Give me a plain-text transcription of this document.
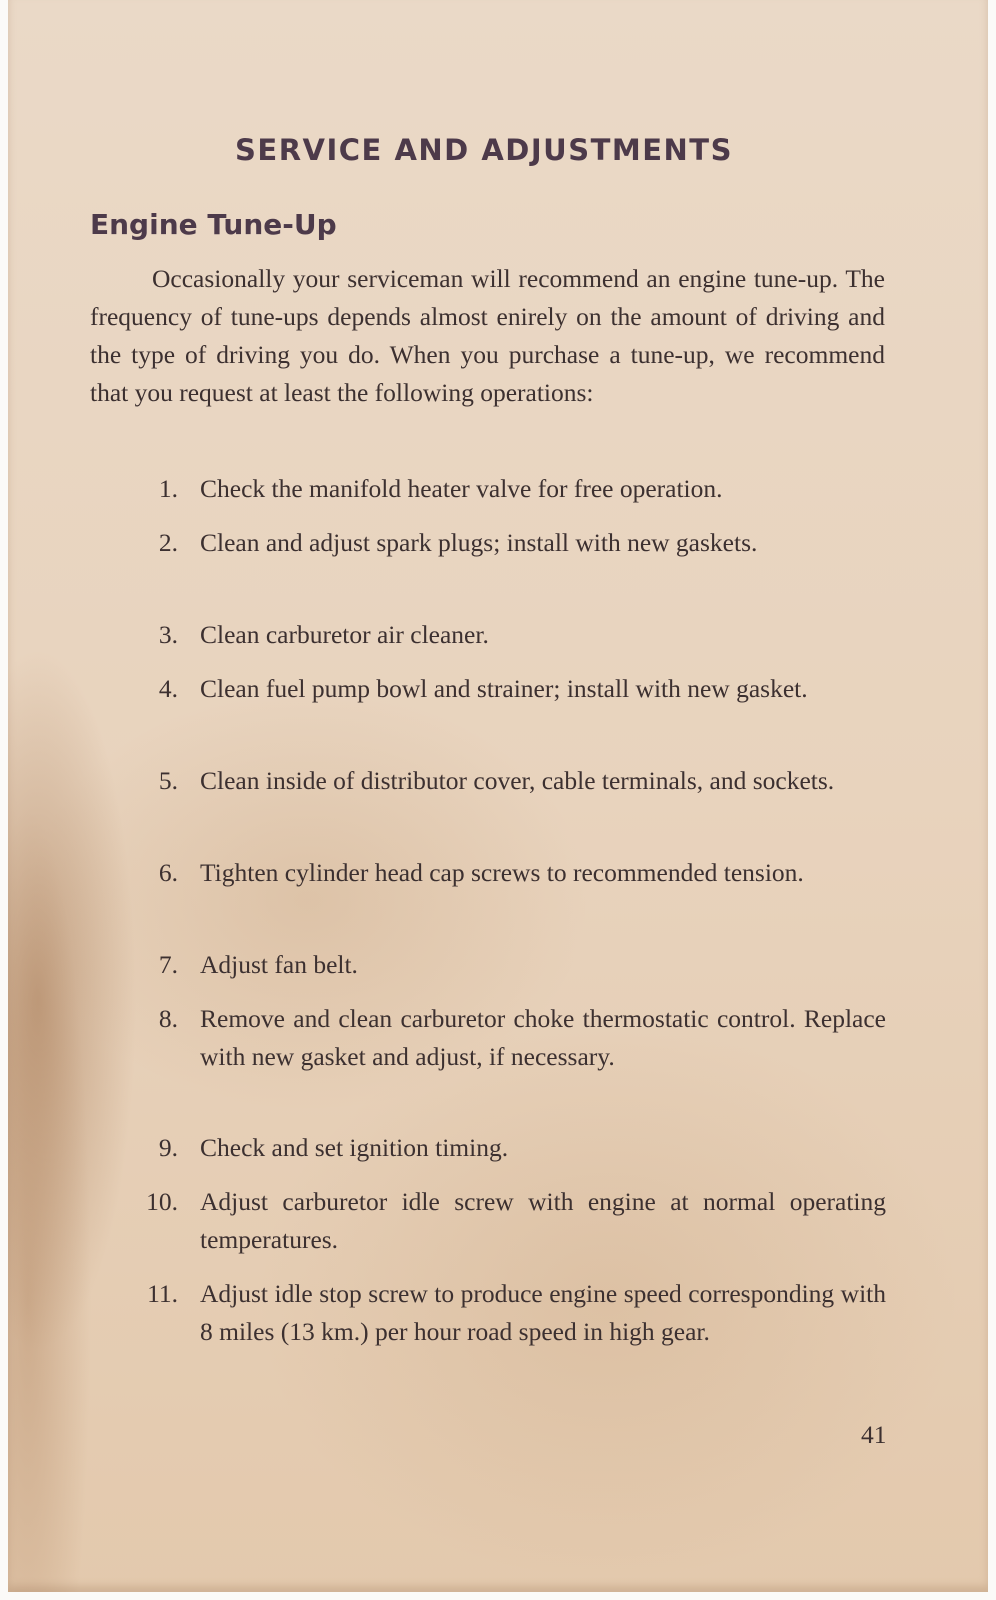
SERVICE AND ADJUSTMENTS
Engine Tune-Up
Occasionally your serviceman will recommend an engine tune-up. The frequency of tune-ups depends almost enirely on the amount of driving and the type of driving you do. When you purchase a tune-up, we recommend that you request at least the following operations:
1. Check the manifold heater valve for free operation.
2. Clean and adjust spark plugs; install with new gaskets.
3. Clean carburetor air cleaner.
4. Clean fuel pump bowl and strainer; install with new gasket.
5. Clean inside of distributor cover, cable terminals, and sockets.
6. Tighten cylinder head cap screws to recommended tension.
7. Adjust fan belt.
8. Remove and clean carburetor choke thermostatic control. Replace with new gasket and adjust, if necessary.
9. Check and set ignition timing.
10. Adjust carburetor idle screw with engine at normal operating temperatures.
11. Adjust idle stop screw to produce engine speed corresponding with 8 miles (13 km.) per hour road speed in high gear.
41
